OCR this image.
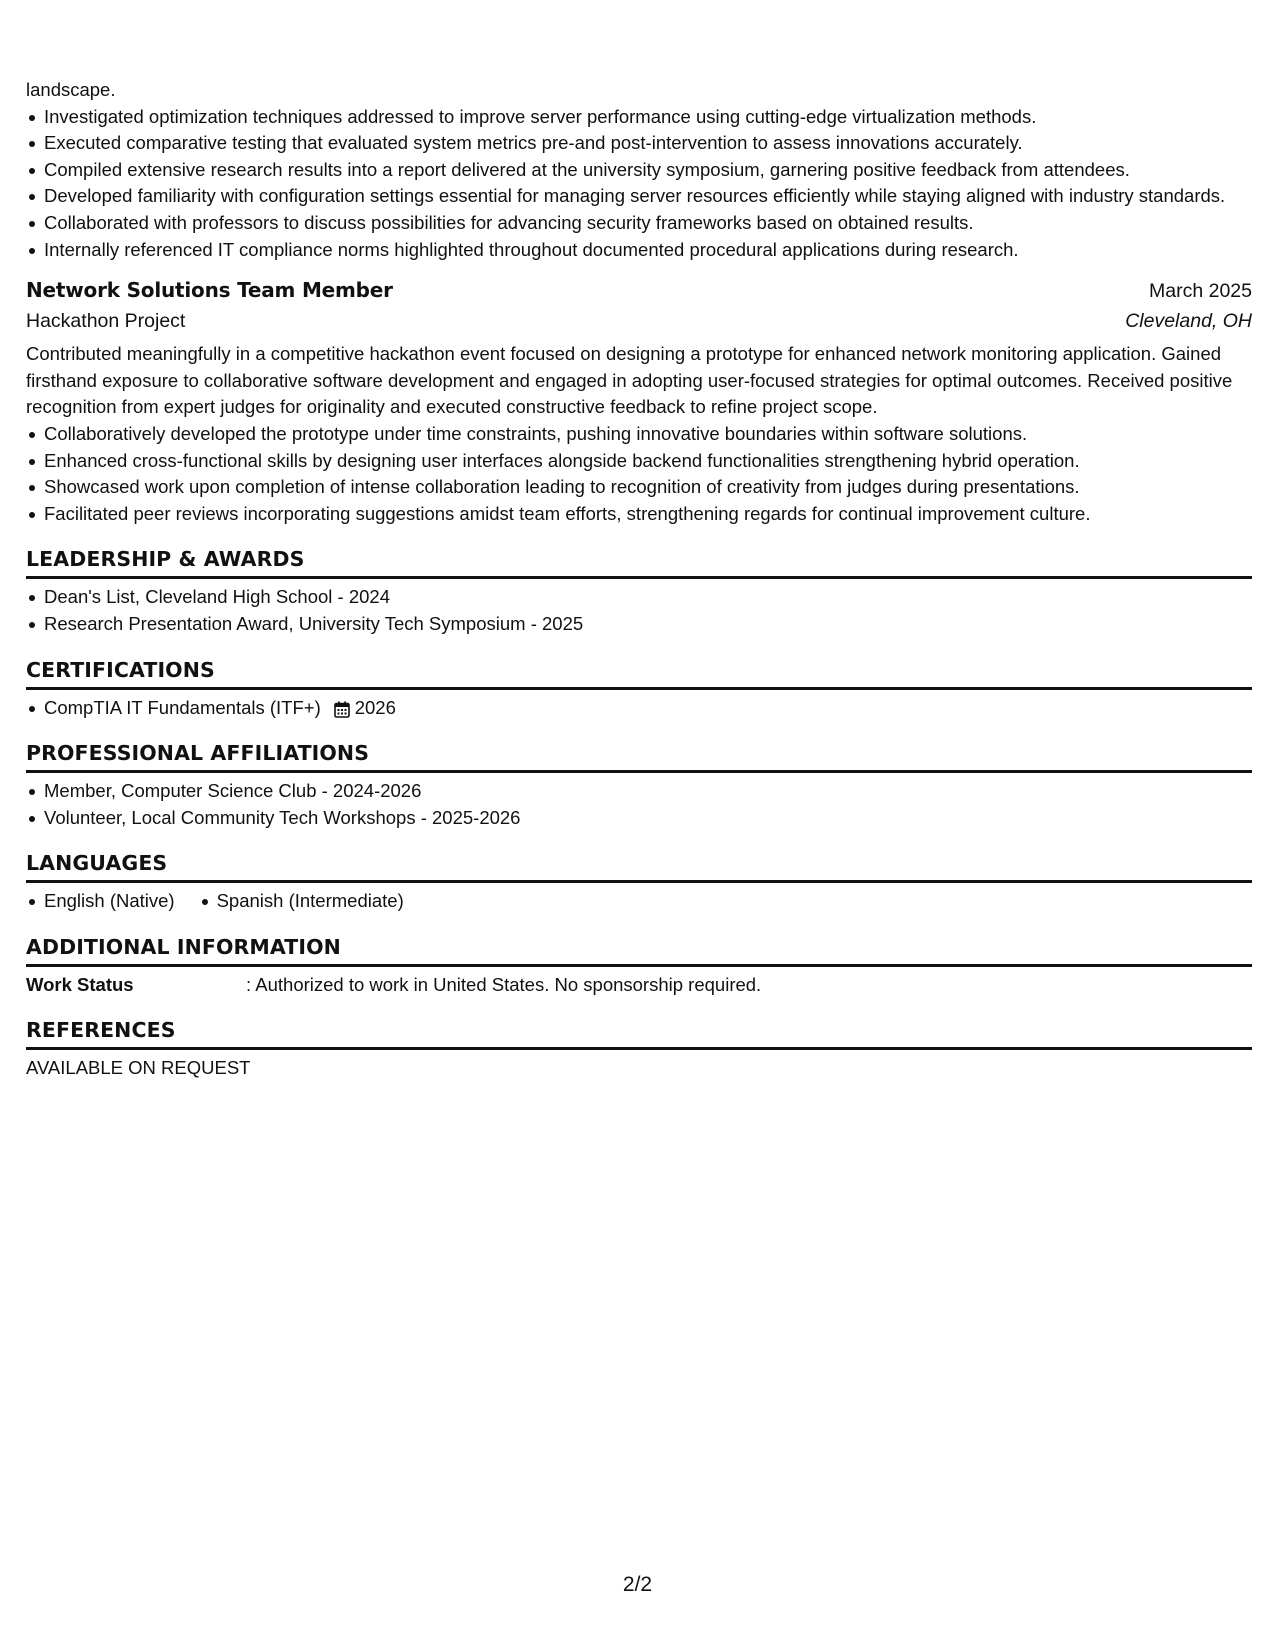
landscape.
Investigated optimization techniques addressed to improve server performance using cutting-edge virtualization methods.
Executed comparative testing that evaluated system metrics pre-and post-intervention to assess innovations accurately.
Compiled extensive research results into a report delivered at the university symposium, garnering positive feedback from attendees.
Developed familiarity with configuration settings essential for managing server resources efficiently while staying aligned with industry standards.
Collaborated with professors to discuss possibilities for advancing security frameworks based on obtained results.
Internally referenced IT compliance norms highlighted throughout documented procedural applications during research.
Network Solutions Team Member	March 2025
Hackathon Project	Cleveland, OH

Contributed meaningfully in a competitive hackathon event focused on designing a prototype for enhanced network monitoring application. Gained firsthand exposure to collaborative software development and engaged in adopting user-focused strategies for optimal outcomes. Received positive recognition from expert judges for originality and executed constructive feedback to refine project scope.

Collaboratively developed the prototype under time constraints, pushing innovative boundaries within software solutions.
Enhanced cross-functional skills by designing user interfaces alongside backend functionalities strengthening hybrid operation.
Showcased work upon completion of intense collaboration leading to recognition of creativity from judges during presentations.
Facilitated peer reviews incorporating suggestions amidst team efforts, strengthening regards for continual improvement culture.
LEADERSHIP & AWARDS
Dean's List, Cleveland High School - 2024
Research Presentation Award, University Tech Symposium - 2025
CERTIFICATIONS
CompTIA IT Fundamentals (ITF+) 2026
PROFESSIONAL AFFILIATIONS
Member, Computer Science Club - 2024-2026
Volunteer, Local Community Tech Workshops - 2025-2026
LANGUAGES
English (Native)	Spanish (Intermediate)
ADDITIONAL INFORMATION
Work Status	: Authorized to work in United States. No sponsorship required.
REFERENCES
AVAILABLE ON REQUEST
2/2
